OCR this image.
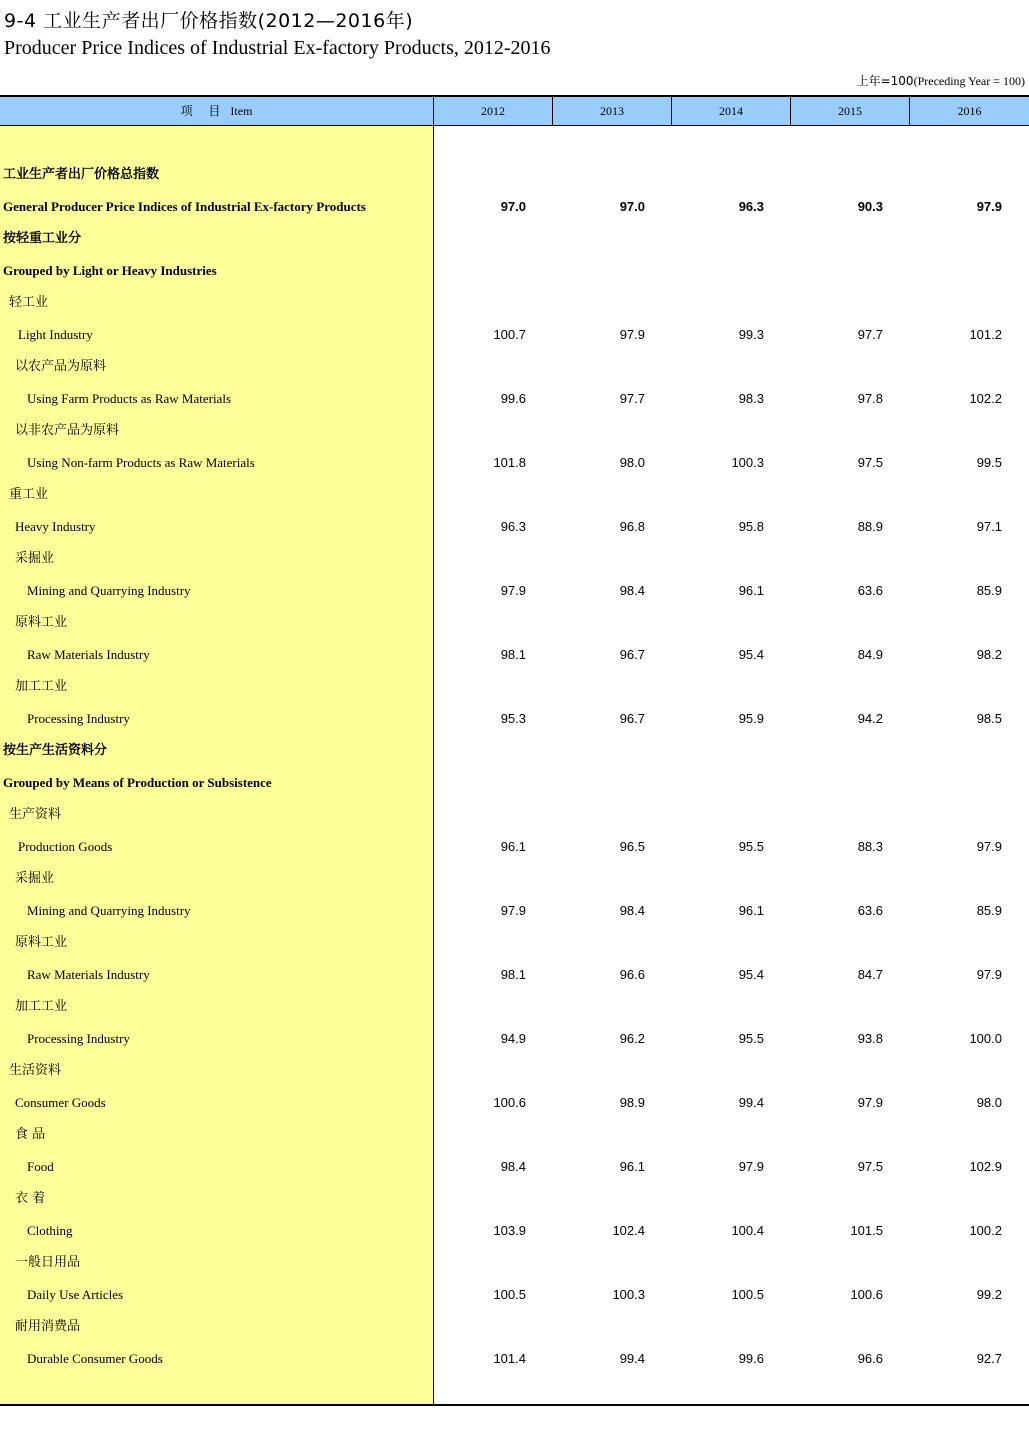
9-4 工业生产者出厂价格指数(2012—2016年)
Producer Price Indices of Industrial Ex-factory Products, 2012-2016
上年=100(Preceding Year = 100)
项 目 Item	2012	2013	2014	2015	2016
工业生产者出厂价格总指数
General Producer Price Indices of Industrial Ex-factory Products	97.0	97.0	96.3	90.3	97.9
按轻重工业分
Grouped by Light or Heavy Industries
轻工业
Light Industry	100.7	97.9	99.3	97.7	101.2
以农产品为原料
Using Farm Products as Raw Materials	99.6	97.7	98.3	97.8	102.2
以非农产品为原料
Using Non-farm Products as Raw Materials	101.8	98.0	100.3	97.5	99.5
重工业
Heavy Industry	96.3	96.8	95.8	88.9	97.1
采掘业
Mining and Quarrying Industry	97.9	98.4	96.1	63.6	85.9
原料工业
Raw Materials Industry	98.1	96.7	95.4	84.9	98.2
加工工业
Processing Industry	95.3	96.7	95.9	94.2	98.5
按生产生活资料分
Grouped by Means of Production or Subsistence
生产资料
Production Goods	96.1	96.5	95.5	88.3	97.9
采掘业
Mining and Quarrying Industry	97.9	98.4	96.1	63.6	85.9
原料工业
Raw Materials Industry	98.1	96.6	95.4	84.7	97.9
加工工业
Processing Industry	94.9	96.2	95.5	93.8	100.0
生活资料
Consumer Goods	100.6	98.9	99.4	97.9	98.0
食 品
Food	98.4	96.1	97.9	97.5	102.9
衣 着
Clothing	103.9	102.4	100.4	101.5	100.2
一般日用品
Daily Use Articles	100.5	100.3	100.5	100.6	99.2
耐用消费品
Durable Consumer Goods	101.4	99.4	99.6	96.6	92.7
